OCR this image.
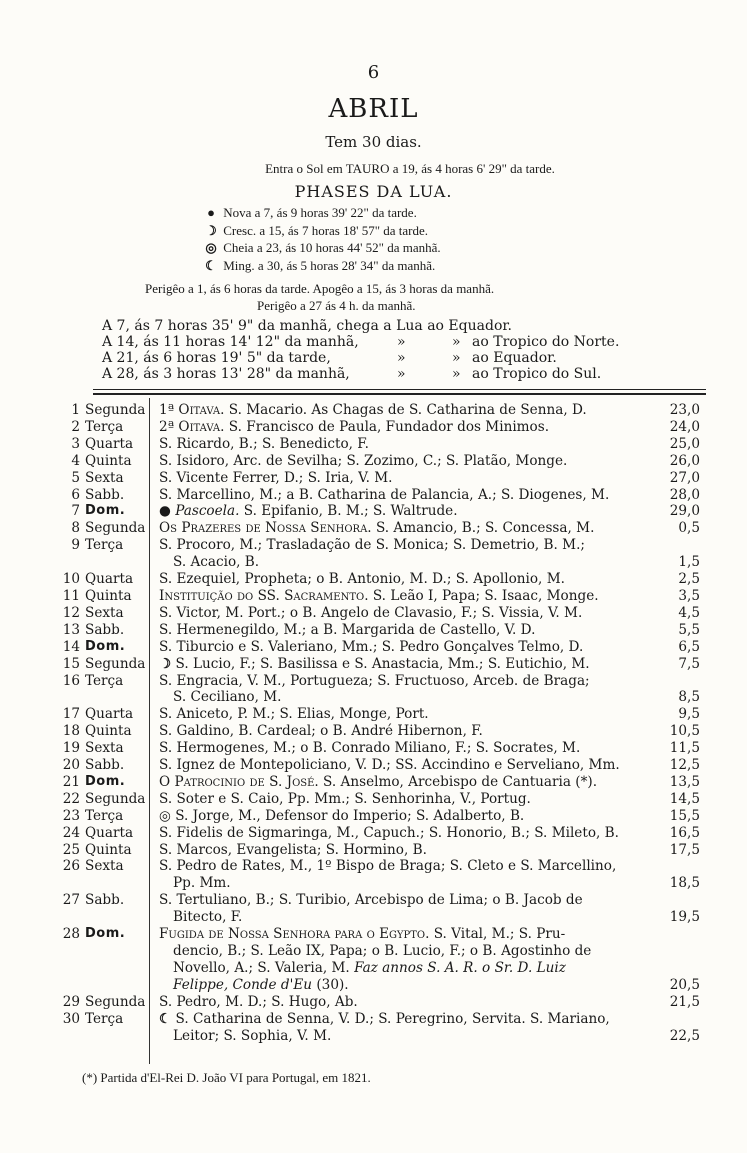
6
ABRIL
Tem 30 dias.
Entra o Sol em TAURO a 19, ás 4 horas 6' 29" da tarde.
PHASES DA LUA.
● Nova a 7, ás 9 horas 39' 22" da tarde.
☽ Cresc. a 15, ás 7 horas 18' 57" da tarde.
◎ Cheia a 23, ás 10 horas 44' 52" da manhã.
☾ Ming. a 30, ás 5 horas 28' 34" da manhã.
Perigêo a 1, ás 6 horas da tarde. Apogêo a 15, ás 3 horas da manhã.
Perigêo a 27 ás 4 h. da manhã.
A 7, ás 7 horas 35' 9" da manhã, chega a Lua ao Equador.
A 14, ás 11 horas 14' 12" da manhã,	»	» ao Tropico do Norte.
A 21, ás 6 horas 19' 5" da tarde,	»	» ao Equador.
A 28, ás 3 horas 13' 28" da manhã,	»	» ao Tropico do Sul.
1 Segunda 1ª Oitava. S. Macario. As Chagas de S. Catharina de Senna, D.	23,0
2 Terça	2ª Oitava. S. Francisco de Paula, Fundador dos Minimos.	24,0
3 Quarta	S. Ricardo, B.; S. Benedicto, F.	25,0
4 Quinta	S. Isidoro, Arc. de Sevilha; S. Zozimo, C.; S. Platão, Monge.	26,0
5 Sexta	S. Vicente Ferrer, D.; S. Iria, V. M.	27,0
6 Sabb.	S. Marcellino, M.; a B. Catharina de Palancia, A.; S. Diogenes, M.	28,0
7 Dom.	● Pascoela. S. Epifanio, B. M.; S. Waltrude.	29,0
8 Segunda Os Prazeres de Nossa Senhora. S. Amancio, B.; S. Concessa, M.	0,5
9 Terça	S. Procoro, M.; Trasladação de S. Monica; S. Demetrio, B. M.;
S. Acacio, B.	1,5
10 Quarta	S. Ezequiel, Propheta; o B. Antonio, M. D.; S. Apollonio, M.	2,5
11 Quinta	Instituição do SS. Sacramento. S. Leão I, Papa; S. Isaac, Monge.	3,5
12 Sexta	S. Victor, M. Port.; o B. Angelo de Clavasio, F.; S. Vissia, V. M.	4,5
13 Sabb.	S. Hermenegildo, M.; a B. Margarida de Castello, V. D.	5,5
14 Dom.	S. Tiburcio e S. Valeriano, Mm.; S. Pedro Gonçalves Telmo, D.	6,5
15 Segunda ☽ S. Lucio, F.; S. Basilissa e S. Anastacia, Mm.; S. Eutichio, M.	7,5
16 Terça	S. Engracia, V. M., Portugueza; S. Fructuoso, Arceb. de Braga;
S. Ceciliano, M.	8,5
17 Quarta	S. Aniceto, P. M.; S. Elias, Monge, Port.	9,5
18 Quinta	S. Galdino, B. Cardeal; o B. André Hibernon, F.	10,5
19 Sexta	S. Hermogenes, M.; o B. Conrado Miliano, F.; S. Socrates, M.	11,5
20 Sabb.	S. Ignez de Montepoliciano, V. D.; SS. Accindino e Serveliano, Mm.	12,5
21 Dom.	O Patrocinio de S. José. S. Anselmo, Arcebispo de Cantuaria (*).	13,5
22 Segunda S. Soter e S. Caio, Pp. Mm.; S. Senhorinha, V., Portug.	14,5
23 Terça	◎ S. Jorge, M., Defensor do Imperio; S. Adalberto, B.	15,5
24 Quarta	S. Fidelis de Sigmaringa, M., Capuch.; S. Honorio, B.; S. Mileto, B.	16,5
25 Quinta	S. Marcos, Evangelista; S. Hormino, B.	17,5
26 Sexta	S. Pedro de Rates, M., 1º Bispo de Braga; S. Cleto e S. Marcellino,
Pp. Mm.	18,5
27 Sabb.	S. Tertuliano, B.; S. Turibio, Arcebispo de Lima; o B. Jacob de
Bitecto, F.	19,5
28 Dom.	Fugida de Nossa Senhora para o Egypto. S. Vital, M.; S. Pru-
dencio, B.; S. Leão IX, Papa; o B. Lucio, F.; o B. Agostinho de
Novello, A.; S. Valeria, M. Faz annos S. A. R. o Sr. D. Luiz
Felippe, Conde d'Eu (30).	20,5
29 Segunda S. Pedro, M. D.; S. Hugo, Ab.	21,5
30 Terça	☾ S. Catharina de Senna, V. D.; S. Peregrino, Servita. S. Mariano,
Leitor; S. Sophia, V. M.	22,5
(*) Partida d'El-Rei D. João VI para Portugal, em 1821.
